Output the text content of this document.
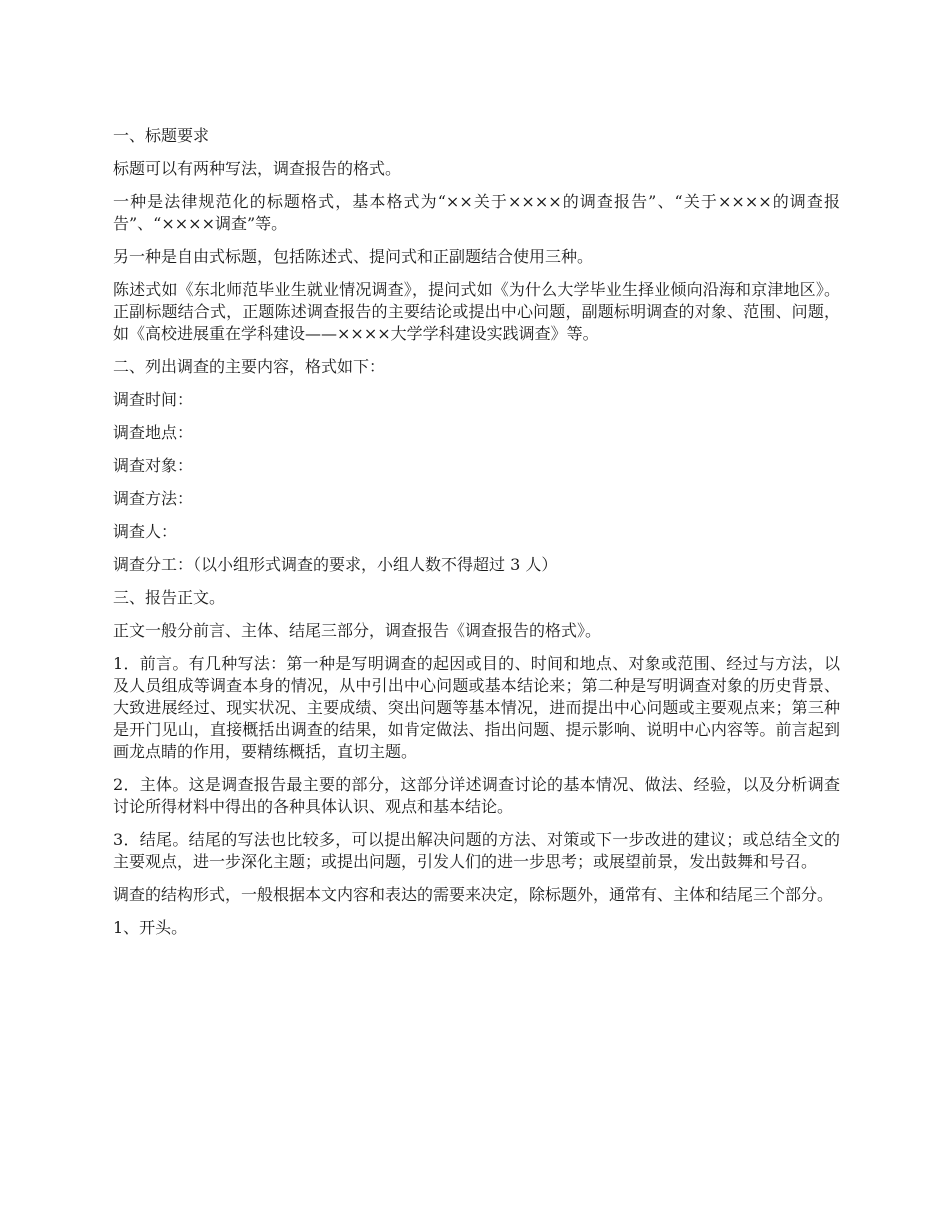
一、标题要求

标题可以有两种写法，调查报告的格式。

一种是法律规范化的标题格式，基本格式为“××关于××××的调查报告”、“关于××××的调查报告”、“××××调查”等。

另一种是自由式标题，包括陈述式、提问式和正副题结合使用三种。

陈述式如《东北师范毕业生就业情况调查》，提问式如《为什么大学毕业生择业倾向沿海和京津地区》。正副标题结合式，正题陈述调查报告的主要结论或提出中心问题，副题标明调查的对象、范围、问题，如《高校进展重在学科建设——××××大学学科建设实践调查》等。

二、列出调查的主要内容，格式如下：

调查时间：

调查地点：

调查对象：

调查方法：

调查人：

调查分工：（以小组形式调查的要求，小组人数不得超过 3 人）

三、报告正文。

正文一般分前言、主体、结尾三部分，调查报告《调查报告的格式》。

1．前言。有几种写法：第一种是写明调查的起因或目的、时间和地点、对象或范围、经过与方法，以及人员组成等调查本身的情况，从中引出中心问题或基本结论来；第二种是写明调查对象的历史背景、大致进展经过、现实状况、主要成绩、突出问题等基本情况，进而提出中心问题或主要观点来；第三种是开门见山，直接概括出调查的结果，如肯定做法、指出问题、提示影响、说明中心内容等。前言起到画龙点睛的作用，要精练概括，直切主题。

2．主体。这是调查报告最主要的部分，这部分详述调查讨论的基本情况、做法、经验，以及分析调查讨论所得材料中得出的各种具体认识、观点和基本结论。

3．结尾。结尾的写法也比较多，可以提出解决问题的方法、对策或下一步改进的建议；或总结全文的主要观点，进一步深化主题；或提出问题，引发人们的进一步思考；或展望前景，发出鼓舞和号召。

调查的结构形式，一般根据本文内容和表达的需要来决定，除标题外，通常有、主体和结尾三个部分。

1、开头。
